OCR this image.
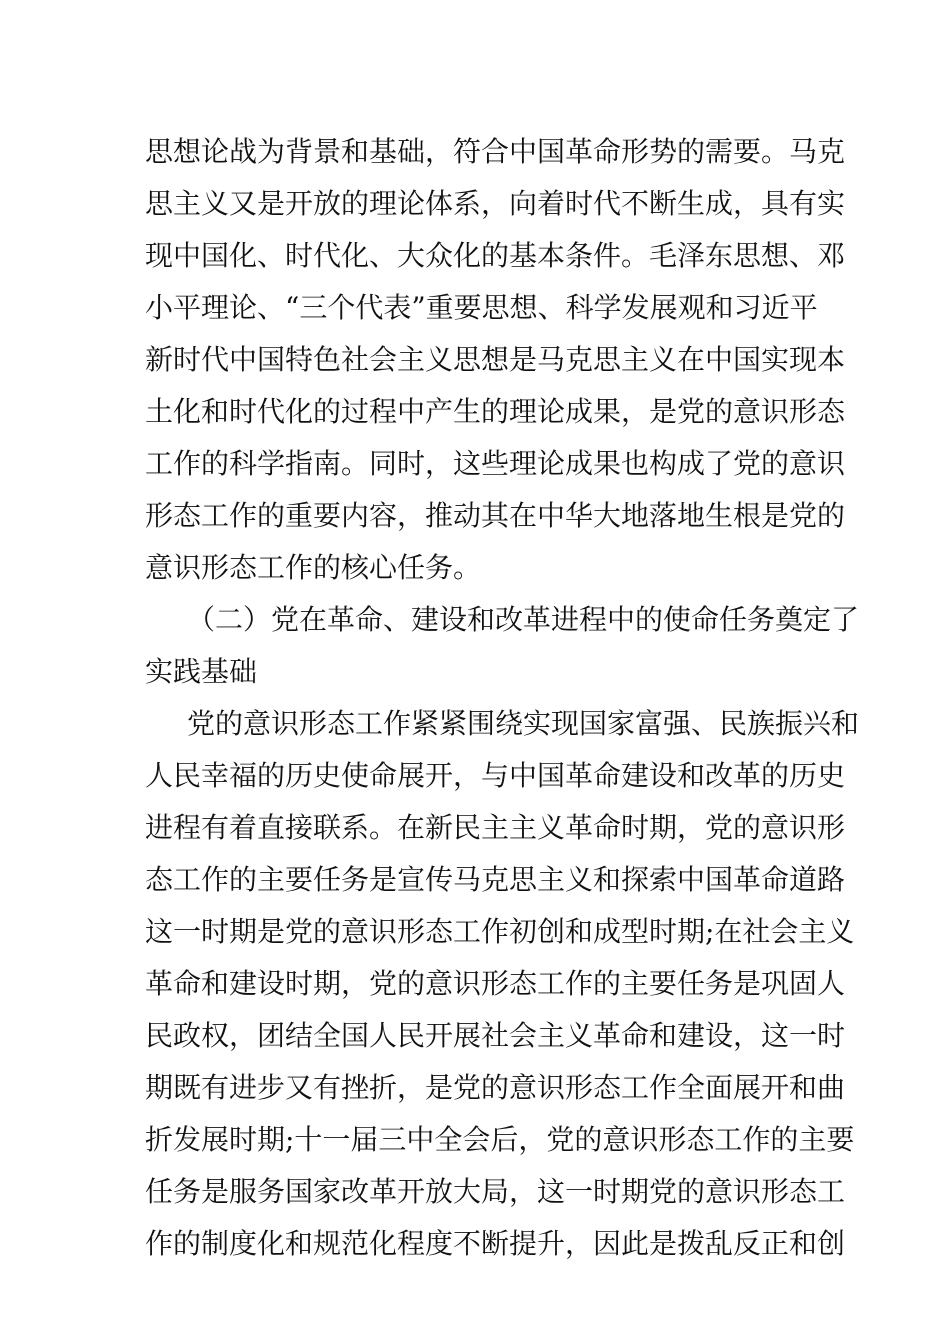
思想论战为背景和基础，符合中国革命形势的需要。马克
思主义又是开放的理论体系，向着时代不断生成，具有实
现中国化、时代化、大众化的基本条件。毛泽东思想、邓
小平理论、“三个代表”重要思想、科学发展观和习近平
新时代中国特色社会主义思想是马克思主义在中国实现本
土化和时代化的过程中产生的理论成果，是党的意识形态
工作的科学指南。同时，这些理论成果也构成了党的意识
形态工作的重要内容，推动其在中华大地落地生根是党的
意识形态工作的核心任务。
（二）党在革命、建设和改革进程中的使命任务奠定了
实践基础
党的意识形态工作紧紧围绕实现国家富强、民族振兴和
人民幸福的历史使命展开，与中国革命建设和改革的历史
进程有着直接联系。在新民主主义革命时期，党的意识形
态工作的主要任务是宣传马克思主义和探索中国革命道路
这一时期是党的意识形态工作初创和成型时期;在社会主义
革命和建设时期，党的意识形态工作的主要任务是巩固人
民政权，团结全国人民开展社会主义革命和建设，这一时
期既有进步又有挫折，是党的意识形态工作全面展开和曲
折发展时期;十一届三中全会后，党的意识形态工作的主要
任务是服务国家改革开放大局，这一时期党的意识形态工
作的制度化和规范化程度不断提升，因此是拨乱反正和创
